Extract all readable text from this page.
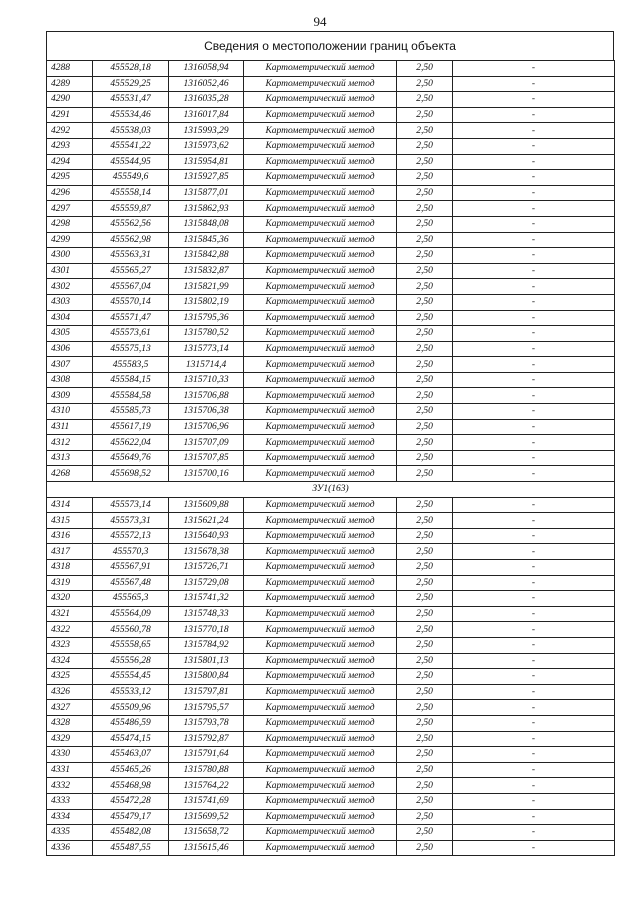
94
Сведения о местоположении границ объекта
4288	455528,18	1316058,94	Картометрический метод	2,50	-
4289	455529,25	1316052,46	Картометрический метод	2,50	-
4290	455531,47	1316035,28	Картометрический метод	2,50	-
4291	455534,46	1316017,84	Картометрический метод	2,50	-
4292	455538,03	1315993,29	Картометрический метод	2,50	-
4293	455541,22	1315973,62	Картометрический метод	2,50	-
4294	455544,95	1315954,81	Картометрический метод	2,50	-
4295	455549,6	1315927,85	Картометрический метод	2,50	-
4296	455558,14	1315877,01	Картометрический метод	2,50	-
4297	455559,87	1315862,93	Картометрический метод	2,50	-
4298	455562,56	1315848,08	Картометрический метод	2,50	-
4299	455562,98	1315845,36	Картометрический метод	2,50	-
4300	455563,31	1315842,88	Картометрический метод	2,50	-
4301	455565,27	1315832,87	Картометрический метод	2,50	-
4302	455567,04	1315821,99	Картометрический метод	2,50	-
4303	455570,14	1315802,19	Картометрический метод	2,50	-
4304	455571,47	1315795,36	Картометрический метод	2,50	-
4305	455573,61	1315780,52	Картометрический метод	2,50	-
4306	455575,13	1315773,14	Картометрический метод	2,50	-
4307	455583,5	1315714,4	Картометрический метод	2,50	-
4308	455584,15	1315710,33	Картометрический метод	2,50	-
4309	455584,58	1315706,88	Картометрический метод	2,50	-
4310	455585,73	1315706,38	Картометрический метод	2,50	-
4311	455617,19	1315706,96	Картометрический метод	2,50	-
4312	455622,04	1315707,09	Картометрический метод	2,50	-
4313	455649,76	1315707,85	Картометрический метод	2,50	-
4268	455698,52	1315700,16	Картометрический метод	2,50	-
ЗУ1(163)					
4314	455573,14	1315609,88	Картометрический метод	2,50	-
4315	455573,31	1315621,24	Картометрический метод	2,50	-
4316	455572,13	1315640,93	Картометрический метод	2,50	-
4317	455570,3	1315678,38	Картометрический метод	2,50	-
4318	455567,91	1315726,71	Картометрический метод	2,50	-
4319	455567,48	1315729,08	Картометрический метод	2,50	-
4320	455565,3	1315741,32	Картометрический метод	2,50	-
4321	455564,09	1315748,33	Картометрический метод	2,50	-
4322	455560,78	1315770,18	Картометрический метод	2,50	-
4323	455558,65	1315784,92	Картометрический метод	2,50	-
4324	455556,28	1315801,13	Картометрический метод	2,50	-
4325	455554,45	1315800,84	Картометрический метод	2,50	-
4326	455533,12	1315797,81	Картометрический метод	2,50	-
4327	455509,96	1315795,57	Картометрический метод	2,50	-
4328	455486,59	1315793,78	Картометрический метод	2,50	-
4329	455474,15	1315792,87	Картометрический метод	2,50	-
4330	455463,07	1315791,64	Картометрический метод	2,50	-
4331	455465,26	1315780,88	Картометрический метод	2,50	-
4332	455468,98	1315764,22	Картометрический метод	2,50	-
4333	455472,28	1315741,69	Картометрический метод	2,50	-
4334	455479,17	1315699,52	Картометрический метод	2,50	-
4335	455482,08	1315658,72	Картометрический метод	2,50	-
4336	455487,55	1315615,46	Картометрический метод	2,50	-
